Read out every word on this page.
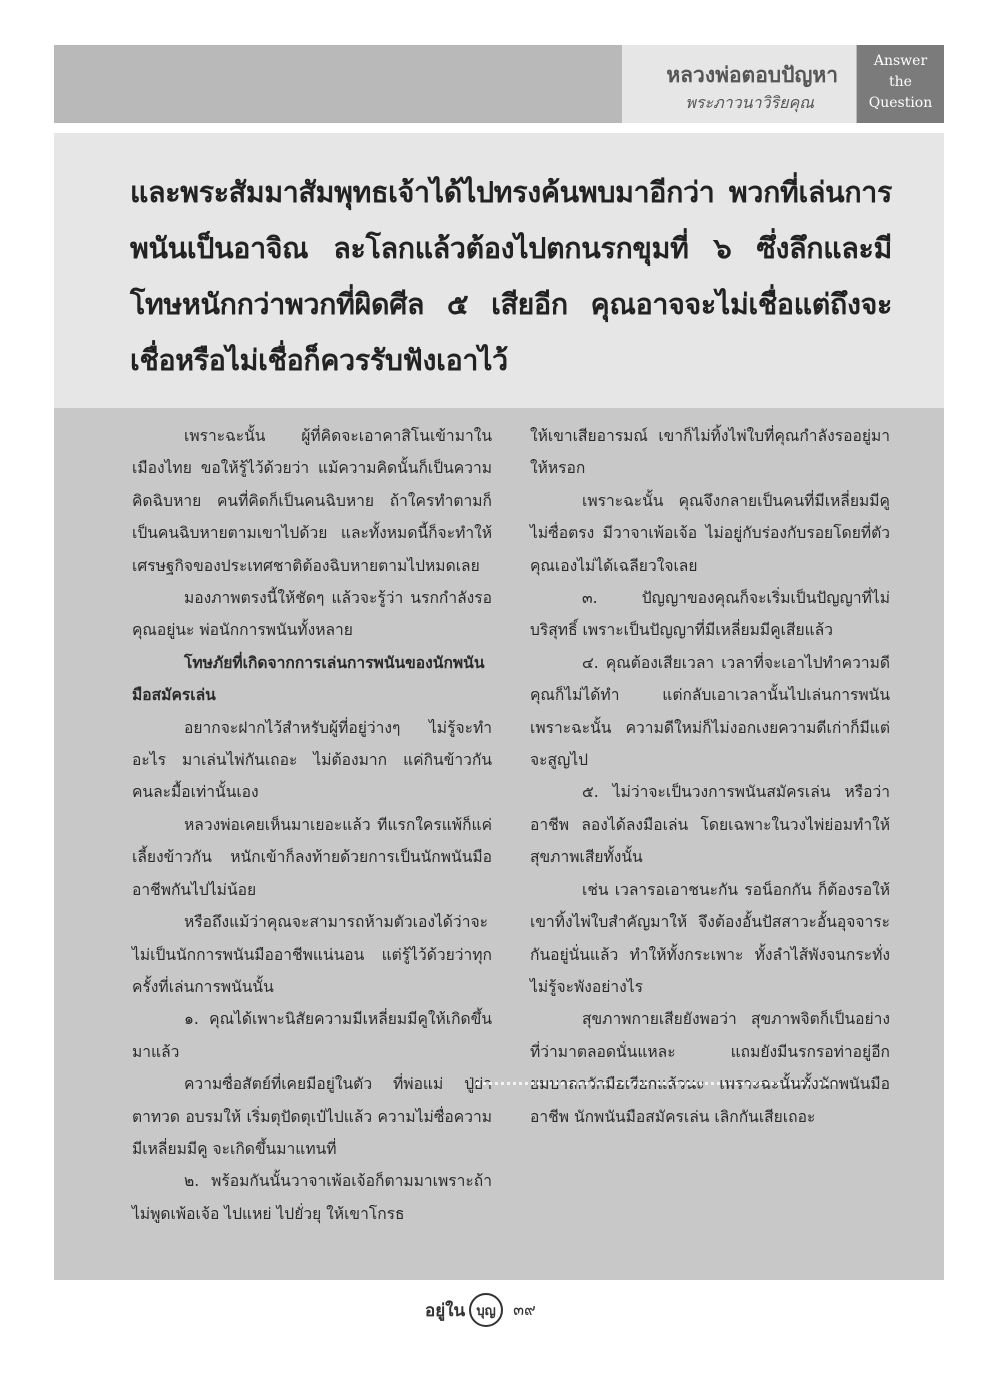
หลวงพ่อตอบปัญหา
พระภาวนาวิริยคุณ
Answer
the
Question
และพระสัมมาสัมพุทธเจ้าได้ไปทรงค้นพบมาอีกว่า พวกที่เล่นการพนันเป็นอาจิณ ละโลกแล้วต้องไปตกนรกขุมที่ ๖ ซึ่งลึกและมีโทษหนักกว่าพวกที่ผิดศีล ๕ เสียอีก คุณอาจจะไม่เชื่อแต่ถึงจะเชื่อหรือไม่เชื่อก็ควรรับฟังเอาไว้

เพราะฉะนั้น ผู้ที่คิดจะเอาคาสิโนเข้ามาในเมืองไทย ขอให้รู้ไว้ด้วยว่า แม้ความคิดนั้นก็เป็นความคิดฉิบหาย คนที่คิดก็เป็นคนฉิบหาย ถ้าใครทำตามก็เป็นคนฉิบหายตามเขาไปด้วย และทั้งหมดนี้ก็จะทำให้เศรษฐกิจของประเทศชาติต้องฉิบหายตามไปหมดเลย

มองภาพตรงนี้ให้ชัดๆ แล้วจะรู้ว่า นรกกำลังรอคุณอยู่นะ พ่อนักการพนันทั้งหลาย

โทษภัยที่เกิดจากการเล่นการพนันของนักพนันมือสมัครเล่น

อยากจะฝากไว้สำหรับผู้ที่อยู่ว่างๆ ไม่รู้จะทำอะไร มาเล่นไพ่กันเถอะ ไม่ต้องมาก แค่กินข้าวกันคนละมื้อเท่านั้นเอง

หลวงพ่อเคยเห็นมาเยอะแล้ว ทีแรกใครแพ้ก็แค่เลี้ยงข้าวกัน หนักเข้าก็ลงท้ายด้วยการเป็นนักพนันมืออาชีพกันไปไม่น้อย

หรือถึงแม้ว่าคุณจะสามารถห้ามตัวเองได้ว่าจะไม่เป็นนักการพนันมืออาชีพแน่นอน แต่รู้ไว้ด้วยว่าทุกครั้งที่เล่นการพนันนั้น

๑. คุณได้เพาะนิสัยความมีเหลี่ยมมีคูให้เกิดขึ้นมาแล้ว

ความซื่อสัตย์ที่เคยมีอยู่ในตัว ที่พ่อแม่ ปู่ย่าตาทวด อบรมให้ เริ่มตุปัดตุเป๋ไปแล้ว ความไม่ซื่อความมีเหลี่ยมมีคู จะเกิดขึ้นมาแทนที่

๒. พร้อมกันนั้นวาจาเพ้อเจ้อก็ตามมาเพราะถ้าไม่พูดเพ้อเจ้อ ไปแหย่ ไปยั่วยุ ให้เขาโกรธ

ให้เขาเสียอารมณ์ เขาก็ไม่ทิ้งไพ่ใบที่คุณกำลังรออยู่มาให้หรอก

เพราะฉะนั้น คุณจึงกลายเป็นคนที่มีเหลี่ยมมีคู ไม่ซื่อตรง มีวาจาเพ้อเจ้อ ไม่อยู่กับร่องกับรอยโดยที่ตัวคุณเองไม่ได้เฉลียวใจเลย

๓. ปัญญาของคุณก็จะเริ่มเป็นปัญญาที่ไม่บริสุทธิ์ เพราะเป็นปัญญาที่มีเหลี่ยมมีคูเสียแล้ว

๔. คุณต้องเสียเวลา เวลาที่จะเอาไปทำความดี คุณก็ไม่ได้ทำ แต่กลับเอาเวลานั้นไปเล่นการพนัน เพราะฉะนั้น ความดีใหม่ก็ไม่งอกเงยความดีเก่าก็มีแต่จะสูญไป

๕. ไม่ว่าจะเป็นวงการพนันสมัครเล่น หรือว่าอาชีพ ลองได้ลงมือเล่น โดยเฉพาะในวงไพ่ย่อมทำให้สุขภาพเสียทั้งนั้น

เช่น เวลารอเอาชนะกัน รอน็อกกัน ก็ต้องรอให้เขาทิ้งไพ่ใบสำคัญมาให้ จึงต้องอั้นปัสสาวะอั้นอุจจาระกันอยู่นั่นแล้ว ทำให้ทั้งกระเพาะ ทั้งลำไส้พังจนกระทั่งไม่รู้จะพังอย่างไร

สุขภาพกายเสียยังพอว่า สุขภาพจิตก็เป็นอย่างที่ว่ามาตลอดนั่นแหละ แถมยังมีนรกรอท่าอยู่อีก ยมบาลกวักมือเรียกแล้วนะ เพราะฉะนั้นทั้งนักพนันมืออาชีพ นักพนันมือสมัครเล่น เลิกกันเสียเถอะ

อยู่ใน บุญ	๓๙
